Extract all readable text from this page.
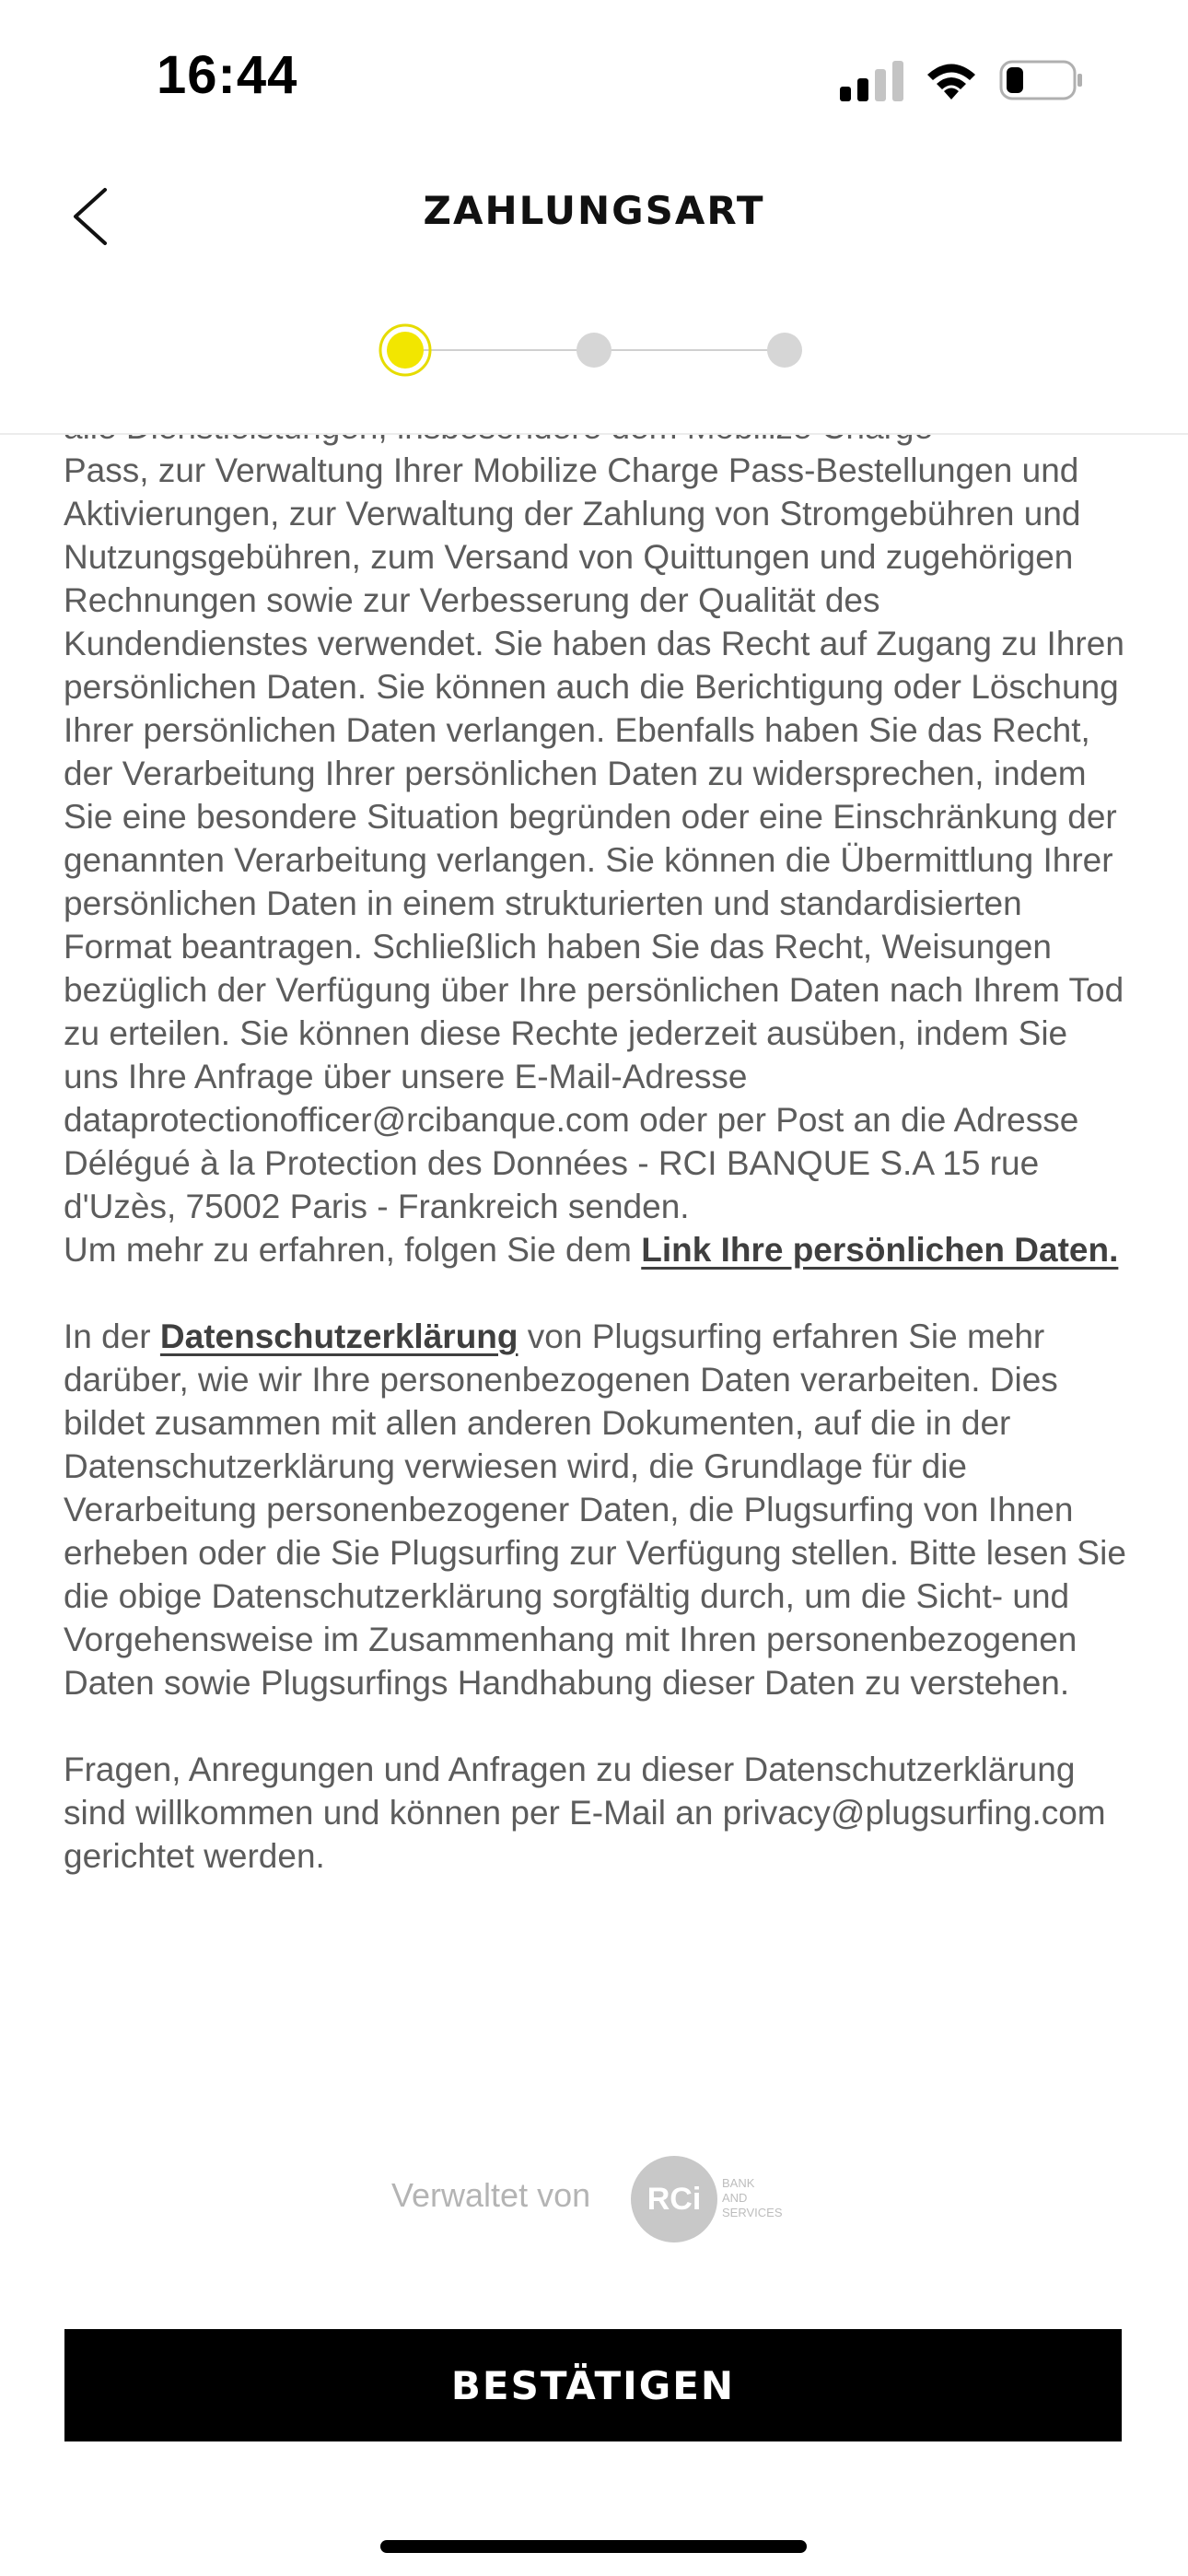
16:44
ZAHLUNGSART

Pass, zur Verwaltung Ihrer Mobilize Charge Pass-Bestellungen und Aktivierungen, zur Verwaltung der Zahlung von Stromgebühren und Nutzungsgebühren, zum Versand von Quittungen und zugehörigen Rechnungen sowie zur Verbesserung der Qualität des Kundendienstes verwendet. Sie haben das Recht auf Zugang zu Ihren persönlichen Daten. Sie können auch die Berichtigung oder Löschung Ihrer persönlichen Daten verlangen. Ebenfalls haben Sie das Recht, der Verarbeitung Ihrer persönlichen Daten zu widersprechen, indem Sie eine besondere Situation begründen oder eine Einschränkung der genannten Verarbeitung verlangen. Sie können die Übermittlung Ihrer persönlichen Daten in einem strukturierten und standardisierten Format beantragen. Schließlich haben Sie das Recht, Weisungen bezüglich der Verfügung über Ihre persönlichen Daten nach Ihrem Tod zu erteilen. Sie können diese Rechte jederzeit ausüben, indem Sie uns Ihre Anfrage über unsere E-Mail-Adresse dataprotectionofficer@rcibanque.com oder per Post an die Adresse Délégué à la Protection des Données - RCI BANQUE S.A 15 rue d'Uzès, 75002 Paris - Frankreich senden.
Um mehr zu erfahren, folgen Sie dem Link Ihre persönlichen Daten.

In der Datenschutzerklärung von Plugsurfing erfahren Sie mehr darüber, wie wir Ihre personenbezogenen Daten verarbeiten. Dies bildet zusammen mit allen anderen Dokumenten, auf die in der Datenschutzerklärung verwiesen wird, die Grundlage für die Verarbeitung personenbezogener Daten, die Plugsurfing von Ihnen erheben oder die Sie Plugsurfing zur Verfügung stellen. Bitte lesen Sie die obige Datenschutzerklärung sorgfältig durch, um die Sicht- und Vorgehensweise im Zusammenhang mit Ihren personenbezogenen Daten sowie Plugsurfings Handhabung dieser Daten zu verstehen.

Fragen, Anregungen und Anfragen zu dieser Datenschutzerklärung sind willkommen und können per E-Mail an privacy@plugsurfing.com gerichtet werden.

Verwaltet von	RCi	BANK
AND
SERVICES
BESTÄTIGEN
